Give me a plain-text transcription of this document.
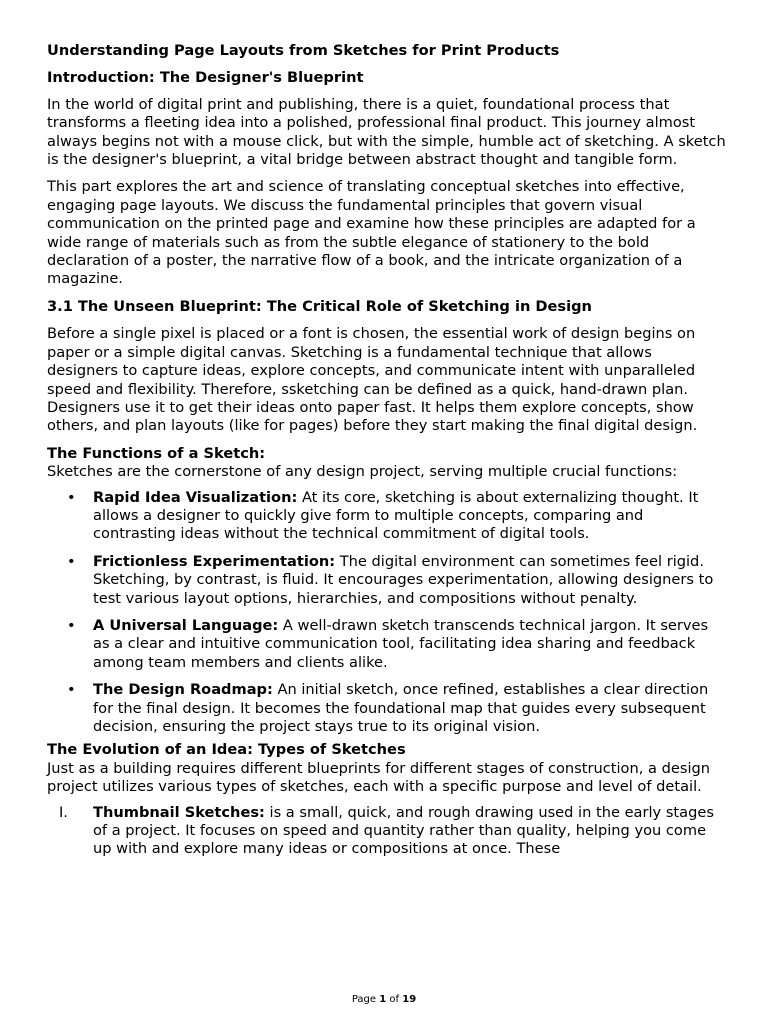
Understanding Page Layouts from Sketches for Print Products
Introduction: The Designer's Blueprint

In the world of digital print and publishing, there is a quiet, foundational process that transforms a fleeting idea into a polished, professional final product. This journey almost always begins not with a mouse click, but with the simple, humble act of sketching. A sketch is the designer's blueprint, a vital bridge between abstract thought and tangible form.

This part explores the art and science of translating conceptual sketches into effective, engaging page layouts. We discuss the fundamental principles that govern visual communication on the printed page and examine how these principles are adapted for a wide range of materials such as from the subtle elegance of stationery to the bold declaration of a poster, the narrative flow of a book, and the intricate organization of a magazine.

3.1 The Unseen Blueprint: The Critical Role of Sketching in Design

Before a single pixel is placed or a font is chosen, the essential work of design begins on paper or a simple digital canvas. Sketching is a fundamental technique that allows designers to capture ideas, explore concepts, and communicate intent with unparalleled speed and flexibility. Therefore, ssketching can be defined as a quick, hand-drawn plan. Designers use it to get their ideas onto paper fast. It helps them explore concepts, show others, and plan layouts (like for pages) before they start making the final digital design.

The Functions of a Sketch:
Sketches are the cornerstone of any design project, serving multiple crucial functions:
• Rapid Idea Visualization: At its core, sketching is about externalizing thought. It allows a designer to quickly give form to multiple concepts, comparing and contrasting ideas without the technical commitment of digital tools.
• Frictionless Experimentation: The digital environment can sometimes feel rigid. Sketching, by contrast, is fluid. It encourages experimentation, allowing designers to test various layout options, hierarchies, and compositions without penalty.
• A Universal Language: A well-drawn sketch transcends technical jargon. It serves as a clear and intuitive communication tool, facilitating idea sharing and feedback among team members and clients alike.
• The Design Roadmap: An initial sketch, once refined, establishes a clear direction for the final design. It becomes the foundational map that guides every subsequent decision, ensuring the project stays true to its original vision.
The Evolution of an Idea: Types of Sketches
Just as a building requires different blueprints for different stages of construction, a design project utilizes various types of sketches, each with a specific purpose and level of detail.
I. Thumbnail Sketches: is a small, quick, and rough drawing used in the early stages of a project. It focuses on speed and quantity rather than quality, helping you come up with and explore many ideas or compositions at once. These
Page 1 of 19
